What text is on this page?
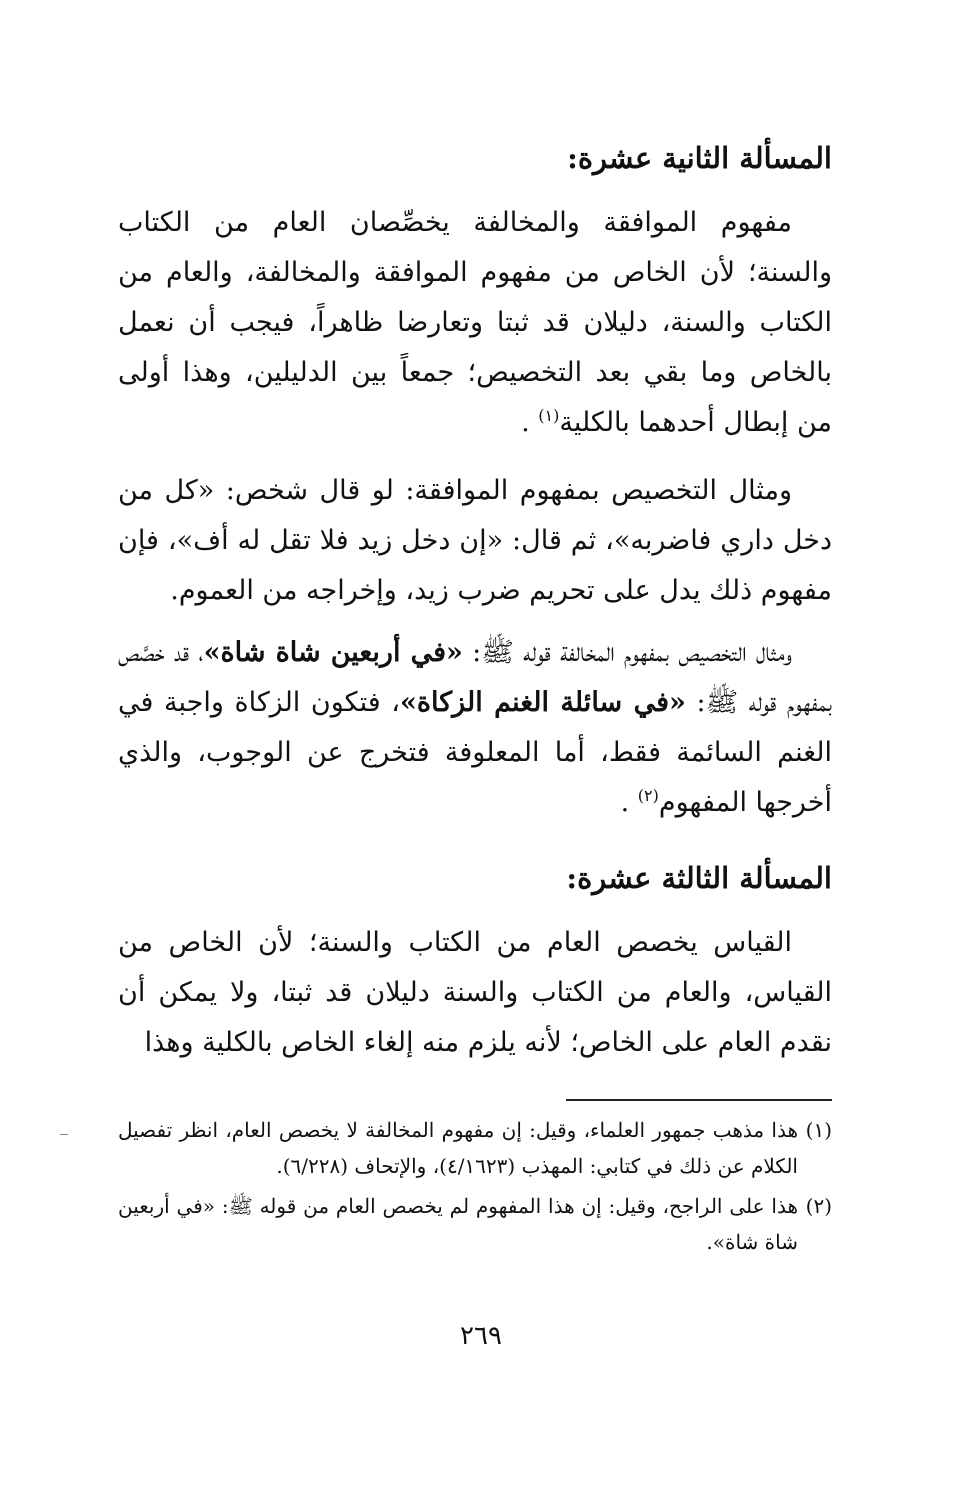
المسألة الثانية عشرة:

مفهوم الموافقة والمخالفة يخصِّصان العام من الكتاب والسنة؛ لأن الخاص من مفهوم الموافقة والمخالفة، والعام من الكتاب والسنة، دليلان قد ثبتا وتعارضا ظاهراً، فيجب أن نعمل بالخاص وما بقي بعد التخصيص؛ جمعاً بين الدليلين، وهذا أولى من إبطال أحدهما بالكلية$^{(١)}$ .

ومثال التخصيص بمفهوم الموافقة: لو قال شخص: «كل من دخل داري فاضربه»، ثم قال: «إن دخل زيد فلا تقل له أف»، فإن مفهوم ذلك يدل على تحريم ضرب زيد، وإخراجه من العموم.

ومثال التخصيص بمفهوم المخالفة قوله ﷺ: «في أربعين شاة شاة»، قد خصَّص بمفهوم قوله ﷺ: «في سائلة الغنم الزكاة»، فتكون الزكاة واجبة في الغنم السائمة فقط، أما المعلوفة فتخرج عن الوجوب، والذي أخرجها المفهوم$^{(٢)}$ .

المسألة الثالثة عشرة:

القياس يخصص العام من الكتاب والسنة؛ لأن الخاص من القياس، والعام من الكتاب والسنة دليلان قد ثبتا، ولا يمكن أن نقدم العام على الخاص؛ لأنه يلزم منه إلغاء الخاص بالكلية وهذا

(١)
هذا مذهب جمهور العلماء، وقيل: إن مفهوم المخالفة لا يخصص العام، انظر تفصيل الكلام عن ذلك في كتابي: المهذب (٤/١٦٢٣)، والإتحاف (٦/٢٢٨).
(٢)
هذا على الراجح، وقيل: إن هذا المفهوم لم يخصص العام من قوله ﷺ: «في أربعين شاة شاة».
٢٦٩
